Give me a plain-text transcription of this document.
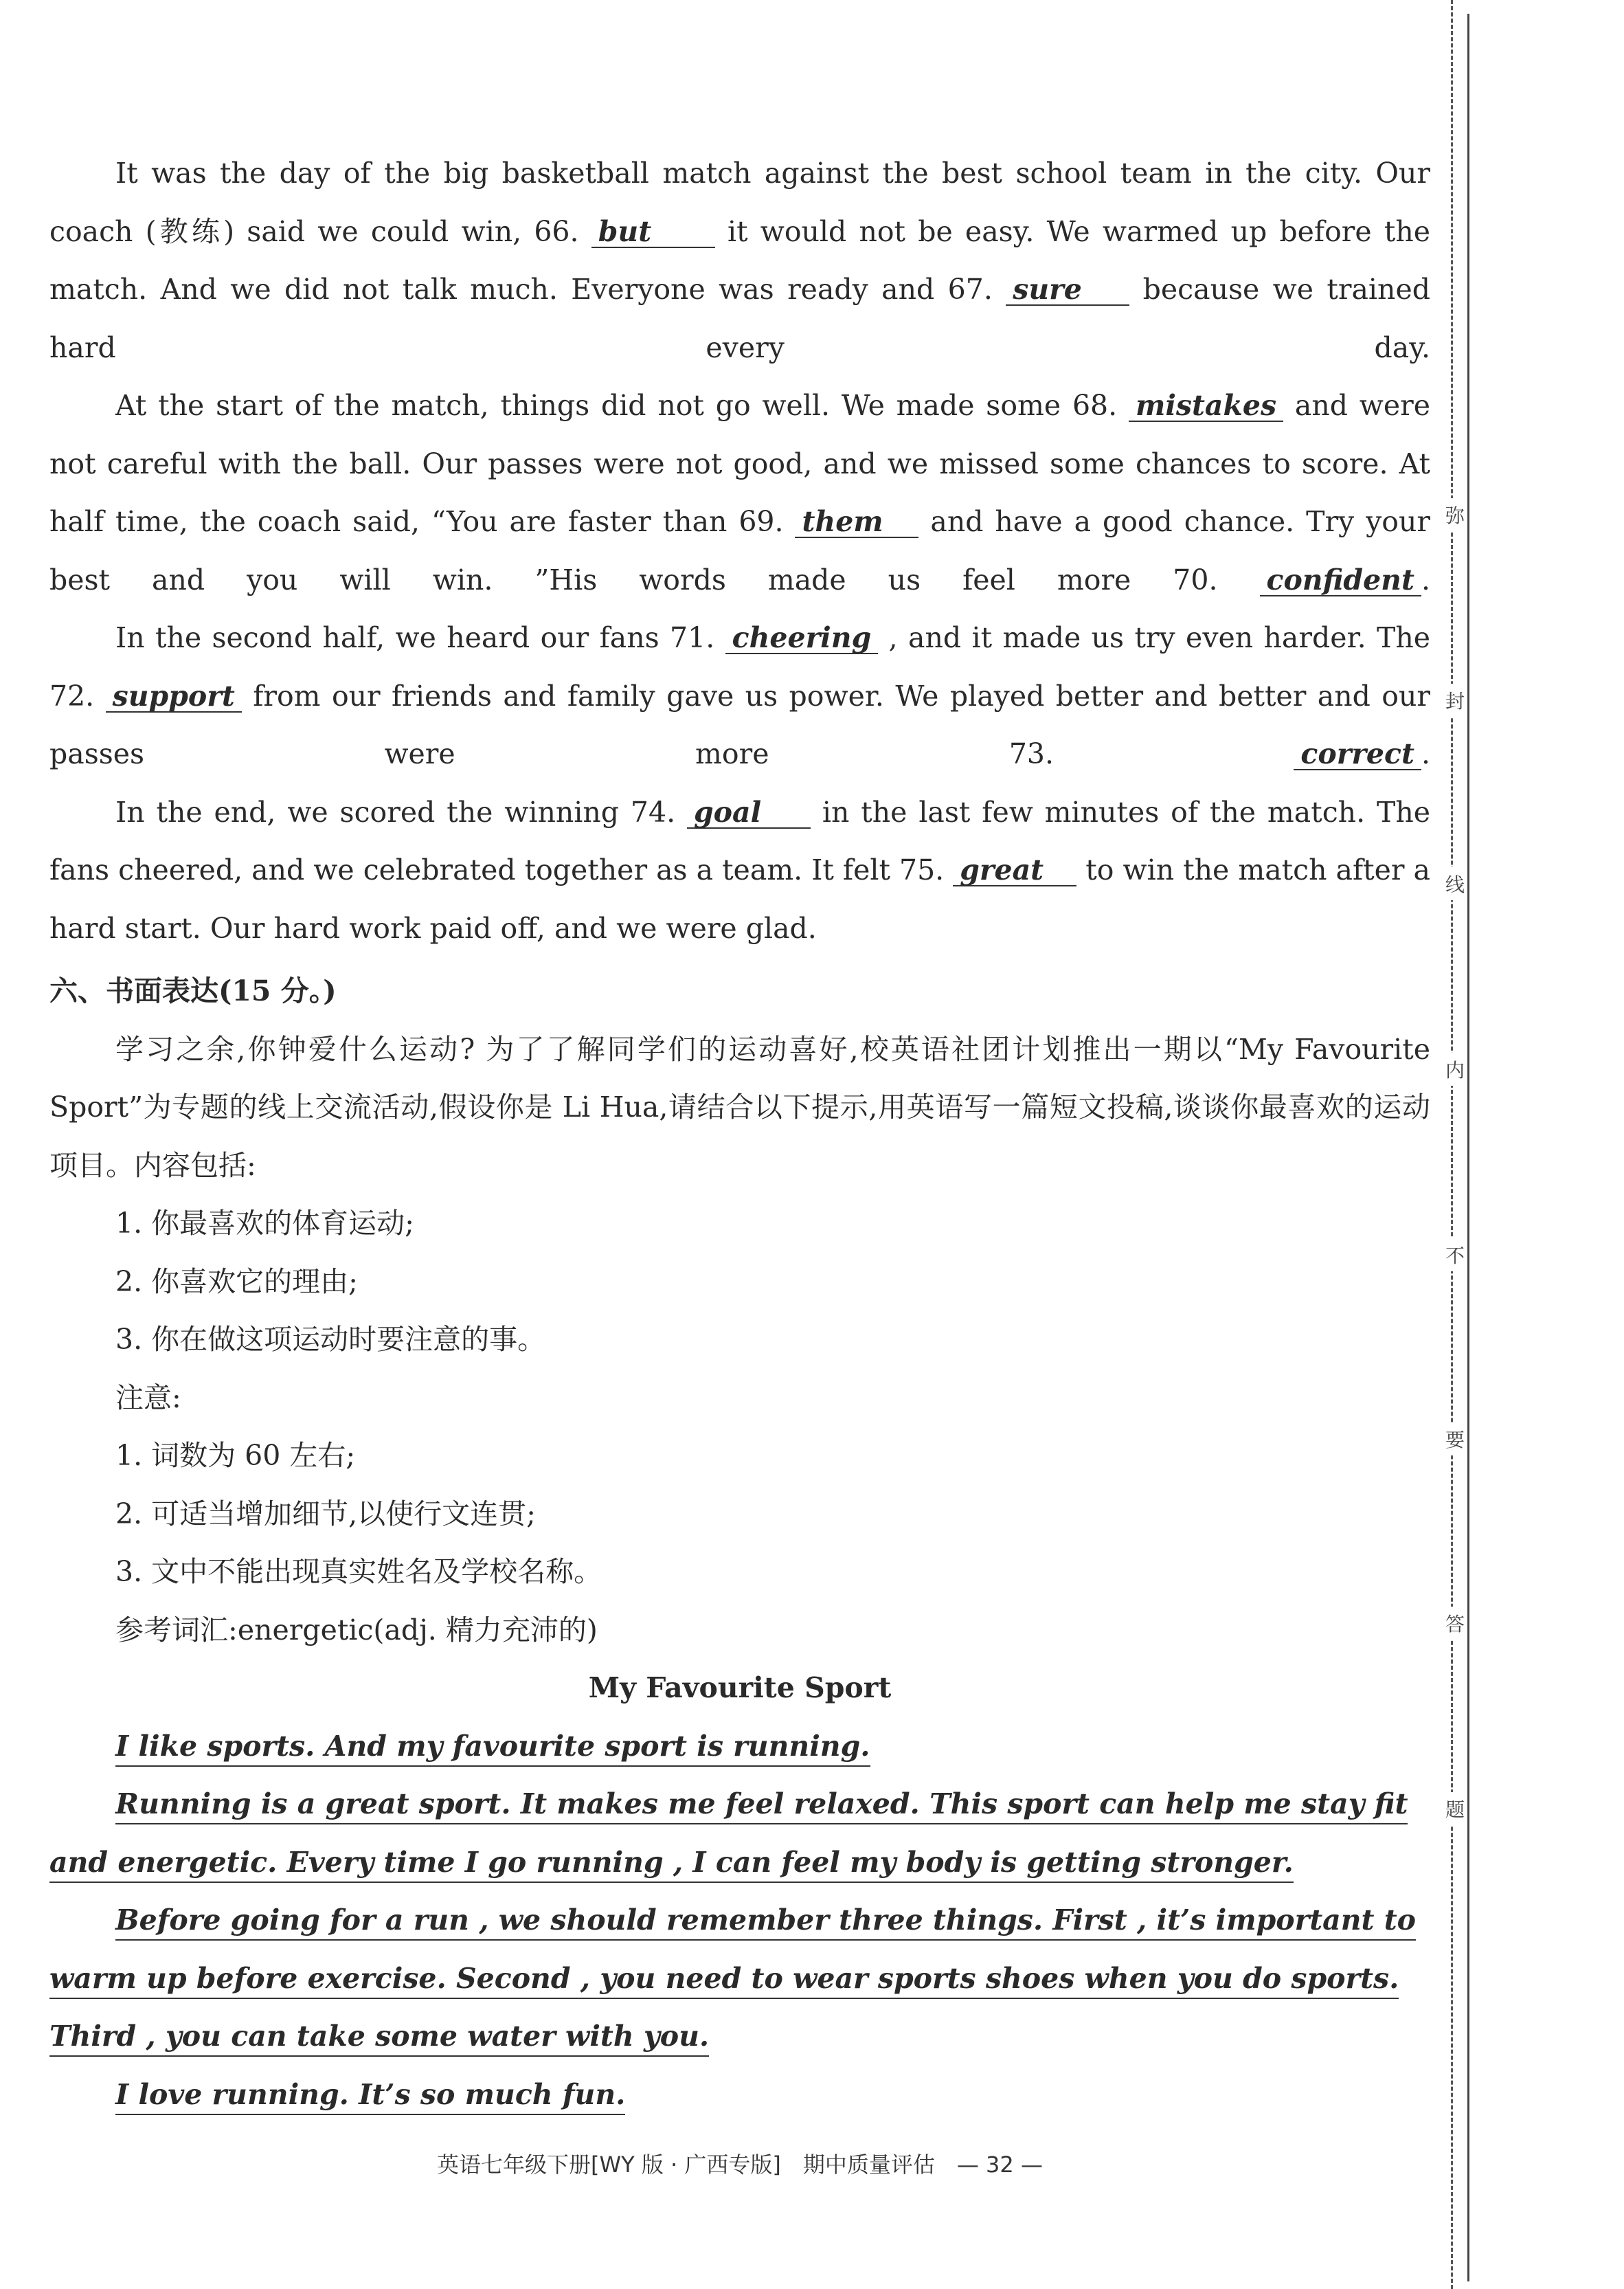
It was the day of the big basketball match against the best school team in the city. Our coach (教练) said we could win, 66. but	it would not be easy. We warmed up before the match. And we did not talk much. Everyone was ready and 67. sure because we trained hard every day.

At the start of the match, things did not go well. We made some 68. mistakes and were not careful with the ball. Our passes were not good, and we missed some chances to score. At half time, the coach said, “You are faster than 69. them and have a good chance. Try your best and you will win. ”His words made us feel more 70. confident .

In the second half, we heard our fans 71. cheering , and it made us try even harder. The 72. support from our friends and family gave us power. We played better and better and our passes were more 73.	correct .

In the end, we scored the winning 74. goal in the last few minutes of the match. The fans cheered, and we celebrated together as a team. It felt 75. great to win the match after a hard start. Our hard work paid off, and we were glad.

六、书面表达(15 分。)

学习之余,你钟爱什么运动? 为了了解同学们的运动喜好,校英语社团计划推出一期以“My Favourite Sport”为专题的线上交流活动,假设你是 Li Hua,请结合以下提示,用英语写一篇短文投稿,谈谈你最喜欢的运动项目。内容包括:

1. 你最喜欢的体育运动;

2. 你喜欢它的理由;

3. 你在做这项运动时要注意的事。

注意:

1. 词数为 60 左右;

2. 可适当增加细节,以使行文连贯;

3. 文中不能出现真实姓名及学校名称。

参考词汇:energetic(adj. 精力充沛的)

My Favourite Sport

I like sports. And my favourite sport is running.

Running is a great sport. It makes me feel relaxed. This sport can help me stay fit and energetic. Every time I go running , I can feel my body is getting stronger.

Before going for a run , we should remember three things. First , it’s important to warm up before exercise. Second , you need to wear sports shoes when you do sports. Third , you can take some water with you.

I love running. It’s so much fun.

英语七年级下册[WY 版 · 广西专版]　期中质量评估　— 32 —
弥
封
线
内
不
要
答
题
